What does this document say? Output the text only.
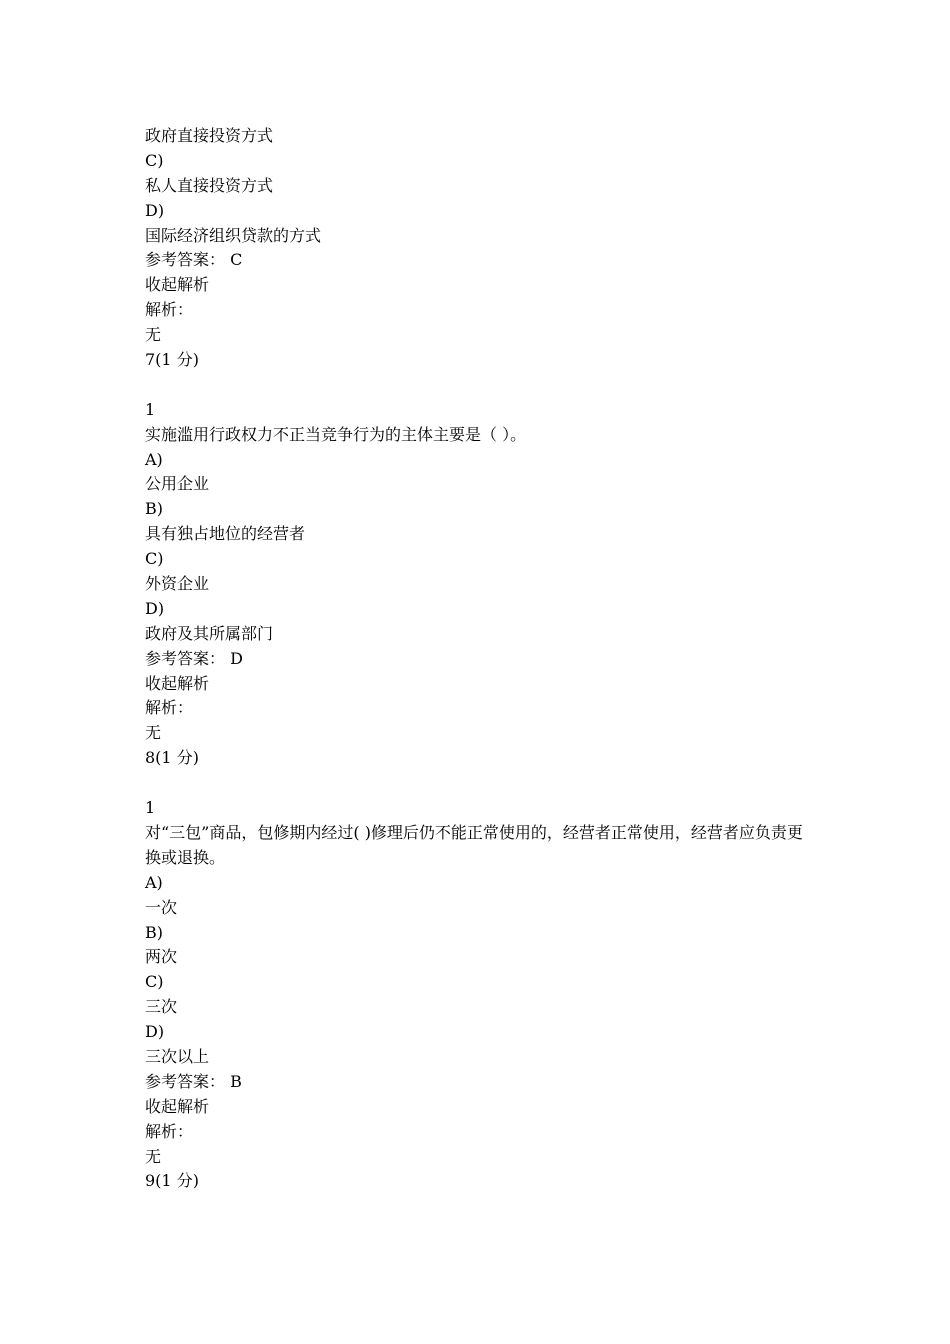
政府直接投资方式
C)
私人直接投资方式
D)
国际经济组织贷款的方式
参考答案： C
收起解析
解析：
无
7(1 分)
1
实施滥用行政权力不正当竞争行为的主体主要是（ ）。
A)
公用企业
B)
具有独占地位的经营者
C)
外资企业
D)
政府及其所属部门
参考答案： D
收起解析
解析：
无
8(1 分)
1
对“三包”商品，包修期内经过( )修理后仍不能正常使用的，经营者正常使用，经营者应负责更换或退换。
A)
一次
B)
两次
C)
三次
D)
三次以上
参考答案： B
收起解析
解析：
无
9(1 分)
